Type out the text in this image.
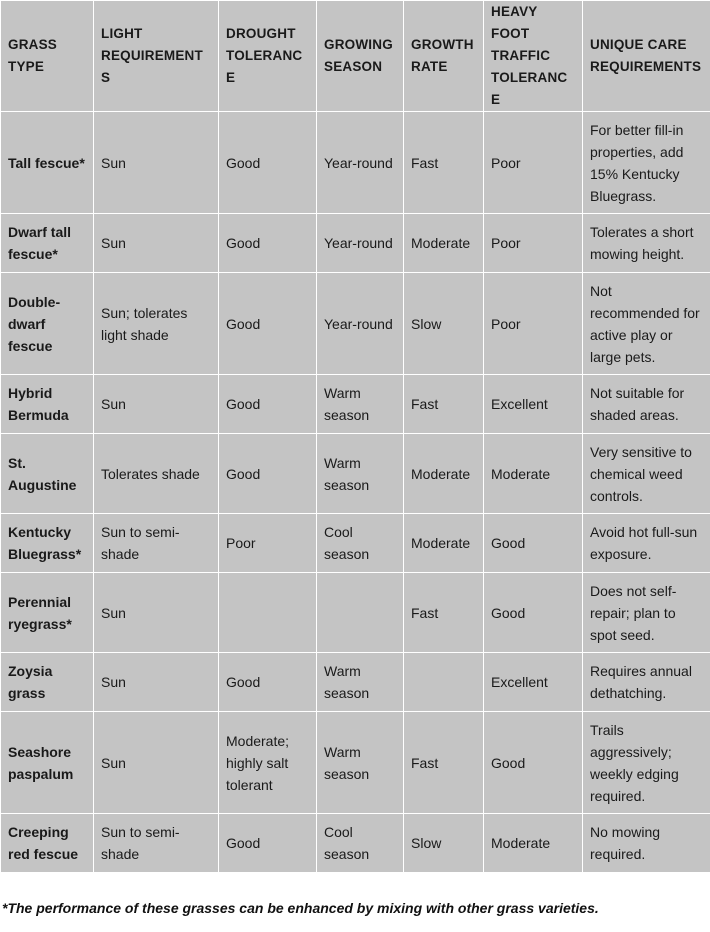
GRASS TYPE	LIGHT REQUIREMENTS	DROUGHT TOLERANCE	GROWING SEASON	GROWTH RATE	HEAVY FOOT TRAFFIC TOLERANCE	UNIQUE CARE REQUIREMENTS
Tall fescue*	Sun	Good	Year-round	Fast	Poor	For better fill-in properties, add 15% Kentucky Bluegrass.
Dwarf tall fescue*	Sun	Good	Year-round	Moderate	Poor	Tolerates a short mowing height.
Double-dwarf fescue	Sun; tolerates light shade	Good	Year-round	Slow	Poor	Not recommended for active play or large pets.
Hybrid Bermuda	Sun	Good	Warm season	Fast	Excellent	Not suitable for shaded areas.
St. Augustine	Tolerates shade	Good	Warm season	Moderate	Moderate	Very sensitive to chemical weed controls.
Kentucky Bluegrass*	Sun to semi-shade	Poor	Cool season	Moderate	Good	Avoid hot full-sun exposure.
Perennial ryegrass*	Sun			Fast	Good	Does not self-repair; plan to spot seed.
Zoysia grass	Sun	Good	Warm season		Excellent	Requires annual dethatching.
Seashore paspalum	Sun	Moderate; highly salt tolerant	Warm season	Fast	Good	Trails aggressively; weekly edging required.
Creeping red fescue	Sun to semi-shade	Good	Cool season	Slow	Moderate	No mowing required.
*The performance of these grasses can be enhanced by mixing with other grass varieties.
